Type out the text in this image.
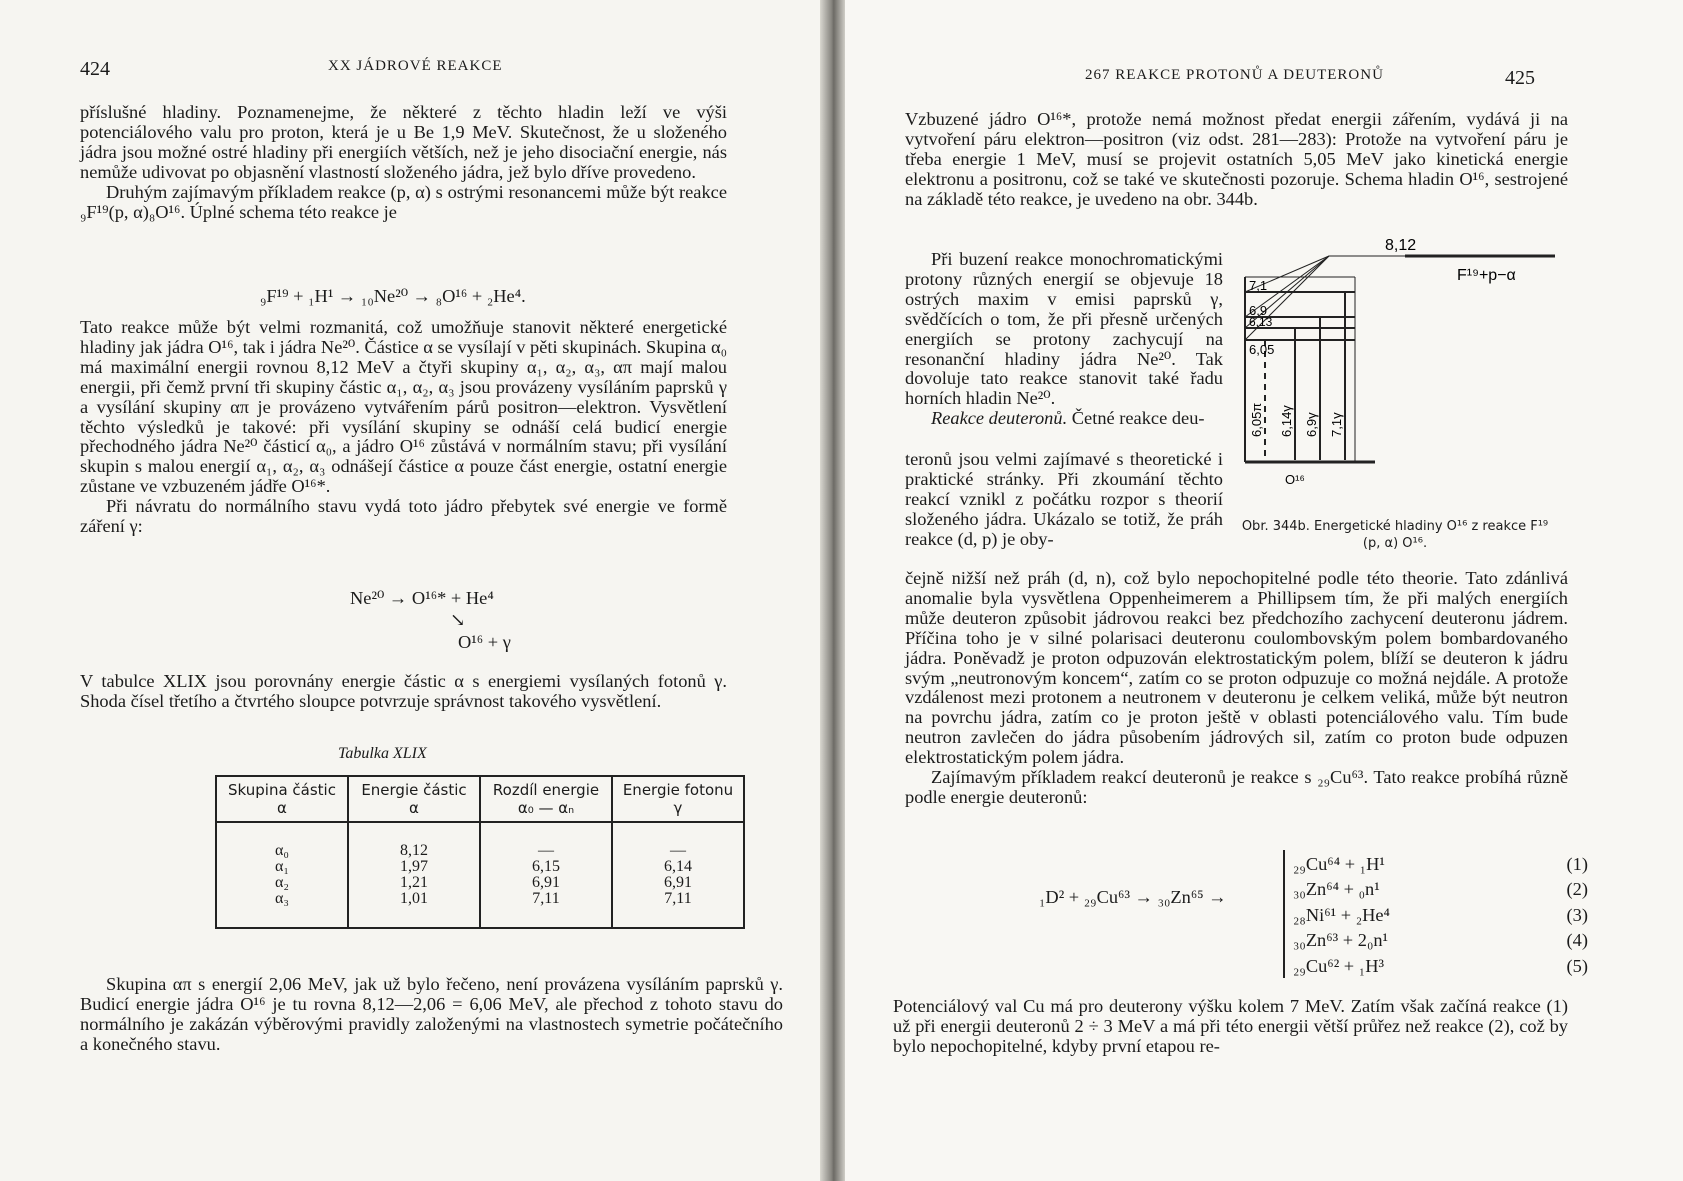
424	XX JÁDROVÉ REAKCE

příslušné hladiny. Poznamenejme, že některé z těchto hladin leží ve výši potenciálového valu pro proton, která je u Be 1,9 MeV. Skutečnost, že u složeného jádra jsou možné ostré hladiny při energiích větších, než je jeho disociační energie, nás nemůže udivovat po objasnění vlastností složeného jádra, jež bylo dříve provedeno.

Druhým zajímavým příkladem reakce (p, α) s ostrými resonancemi může být reakce ₉F¹⁹(p, α)₈O¹⁶. Úplné schema této reakce je

₉F¹⁹ + ₁H¹ → ₁₀Ne²⁰ → ₈O¹⁶ + ₂He⁴.

Tato reakce může být velmi rozmanitá, což umožňuje stanovit některé energetické hladiny jak jádra O¹⁶, tak i jádra Ne²⁰. Částice α se vysílají v pěti skupinách. Skupina α₀ má maximální energii rovnou 8,12 MeV a čtyři skupiny α₁, α₂, α₃, απ mají malou energii, při čemž první tři skupiny částic α₁, α₂, α₃ jsou provázeny vysíláním paprsků γ a vysílání skupiny απ je provázeno vytvářením párů positron—elektron. Vysvětlení těchto výsledků je takové: při vysílání skupiny se odnáší celá budicí energie přechodného jádra Ne²⁰ částicí α₀, a jádro O¹⁶ zůstává v normálním stavu; při vysílání skupin s malou energií α₁, α₂, α₃ odnášejí částice α pouze část energie, ostatní energie zůstane ve vzbuzeném jádře O¹⁶*.

Při návratu do normálního stavu vydá toto jádro přebytek své energie ve formě záření γ:

Ne²⁰ → O¹⁶* + He⁴
↘
O¹⁶ + γ

V tabulce XLIX jsou porovnány energie částic α s energiemi vysílaných fotonů γ. Shoda čísel třetího a čtvrtého sloupce potvrzuje správnost takového vysvětlení.

Tabulka XLIX
Skupina částic α	Energie částic α	Rozdíl energie α₀ — αₙ	Energie fotonu γ
α₀	8,12	—	—
α₁	1,97	6,15	6,14
α₂	1,21	6,91	6,91
α₃	1,01	7,11	7,11

Skupina απ s energií 2,06 MeV, jak už bylo řečeno, není provázena vysíláním paprsků γ. Budicí energie jádra O¹⁶ je tu rovna 8,12—2,06 = 6,06 MeV, ale přechod z tohoto stavu do normálního je zakázán výběrovými pravidly založenými na vlastnostech symetrie počátečního a konečného stavu.

267 REAKCE PROTONŮ A DEUTERONŮ	425

Vzbuzené jádro O¹⁶*, protože nemá možnost předat energii zářením, vydává ji na vytvoření páru elektron—positron (viz odst. 281—283): Protože na vytvoření páru je třeba energie 1 MeV, musí se projevit ostatních 5,05 MeV jako kinetická energie elektronu a positronu, což se také ve skutečnosti pozoruje. Schema hladin O¹⁶, sestrojené na základě této reakce, je uvedeno na obr. 344b.

Při buzení reakce monochromatickými protony různých energií se objevuje 18 ostrých maxim v emisi paprsků γ, svědčících o tom, že při přesně určených energiích se protony zachycují na resonanční hladiny jádra Ne²⁰. Tak dovoluje tato reakce stanovit také řadu horních hladin Ne²⁰.

Reakce deuteronů. Četné reakce deu-

teronů jsou velmi zajímavé s theoretické i praktické stránky. Při zkoumání těchto reakcí vznikl z počátku rozpor s theorií složeného jádra. Ukázalo se totiž, že práh reakce (d, p) je oby-

čejně nižší než práh (d, n), což bylo nepochopitelné podle této theorie. Tato zdánlivá anomalie byla vysvětlena Oppenheimerem a Phillipsem tím, že při malých energiích může deuteron způsobit jádrovou reakci bez předchozího zachycení deuteronu jádrem. Příčina toho je v silné polarisaci deuteronu coulombovským polem bombardovaného jádra. Poněvadž je proton odpuzován elektrostatickým polem, blíží se deuteron k jádru svým „neutronovým koncem“, zatím co se proton odpuzuje co možná nejdále. A protože vzdálenost mezi protonem a neutronem v deuteronu je celkem veliká, může být neutron na povrchu jádra, zatím co je proton ještě v oblasti potenciálového valu. Tím bude neutron zavlečen do jádra působením jádrových sil, zatím co proton bude odpuzen elektrostatickým polem jádra.

Zajímavým příkladem reakcí deuteronů je reakce s ₂₉Cu⁶³. Tato reakce probíhá různě podle energie deuteronů:

₁D² + ₂₉Cu⁶³ → ₃₀Zn⁶⁵ →
₂₉Cu⁶⁴ + ₁H¹	(1)
₃₀Zn⁶⁴ + ₀n¹	(2)
₂₈Ni⁶¹ + ₂He⁴	(3)
₃₀Zn⁶³ + 2₀n¹	(4)
₂₉Cu⁶² + ₁H³	(5)

Potenciálový val Cu má pro deuterony výšku kolem 7 MeV. Zatím však začíná reakce (1) už při energii deuteronů 2 ÷ 3 MeV a má při této energii větší průřez než reakce (2), což by bylo nepochopitelné, kdyby první etapou re-

8,12
F¹⁹+p−α
7,1
6,9
6,13
6,05
6,05π 6,14γ 6,9γ 7,1γ
O¹⁶
Obr. 344b. Energetické hladiny O¹⁶ z reakce F¹⁹ (p, α) O¹⁶.
